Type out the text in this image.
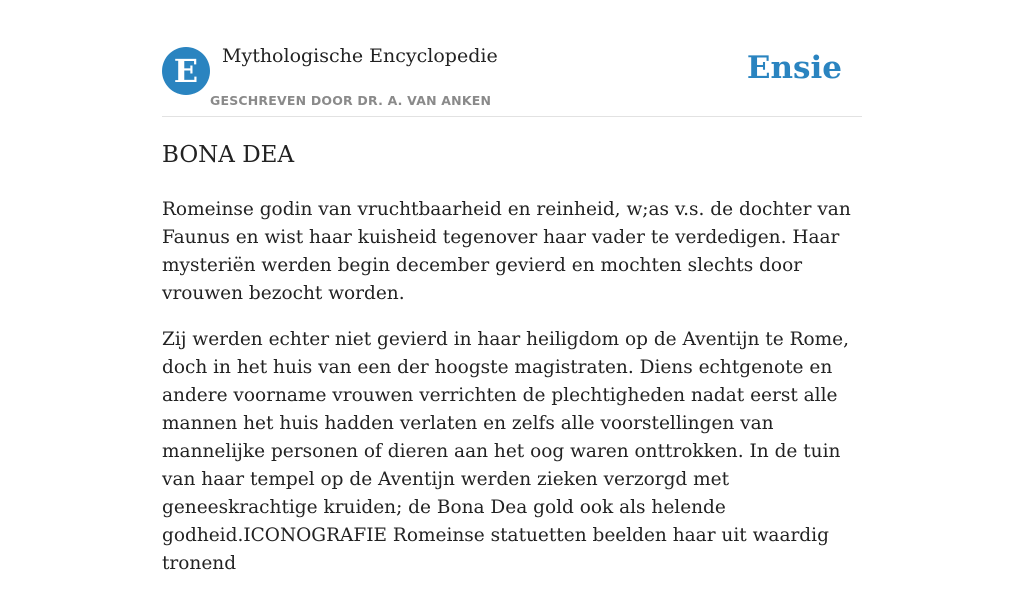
E	Mythologische Encyclopedie
GESCHREVEN DOOR DR. A. VAN ANKEN
Ensie
BONA DEA

Romeinse godin van vruchtbaarheid en reinheid, w;as v.s. de dochter van Faunus en wist haar kuisheid tegenover haar vader te verdedigen. Haar mysteriën werden begin december gevierd en mochten slechts door vrouwen bezocht worden.

Zij werden echter niet gevierd in haar heiligdom op de Aventijn te Rome, doch in het huis van een der hoogste magistraten. Diens echtgenote en andere voorname vrouwen verrichten de plechtigheden nadat eerst alle mannen het huis hadden verlaten en zelfs alle voorstellingen van mannelijke personen of dieren aan het oog waren onttrokken. In de tuin van haar tempel op de Aventijn werden zieken verzorgd met geneeskrachtige kruiden; de Bona Dea gold ook als helende godheid.ICONOGRAFIE Romeinse statuetten beelden haar uit waardig tronend
